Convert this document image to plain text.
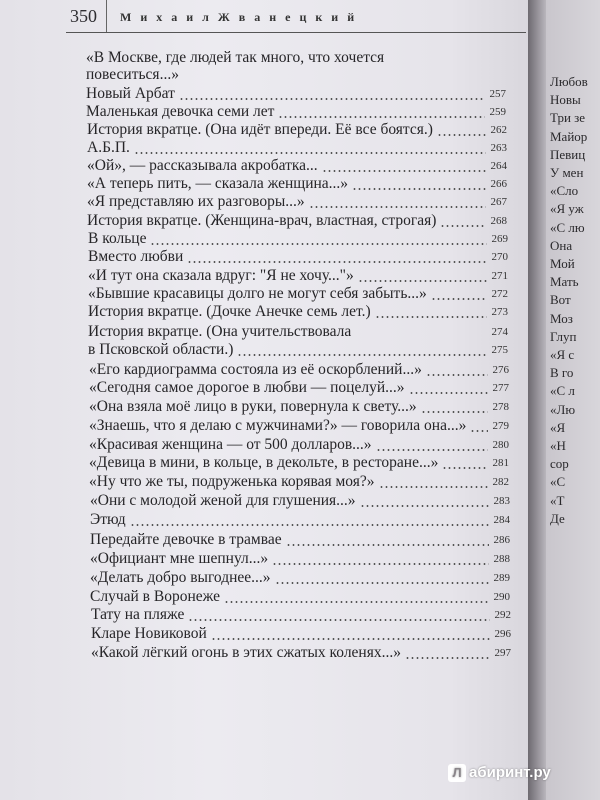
350 М и х а и л Ж в а н е ц к и й
«В Москве, где людей так много, что хочется
повеситься...»
Новый Арбат	257
Маленькая девочка семи лет	259
История вкратце. (Она идёт впереди. Её все боятся.)	262
А.Б.П.	263
«Ой», — рассказывала акробатка...	264
«А теперь пить, — сказала женщина...»	266
«Я представляю их разговоры...»	267
История вкратце. (Женщина-врач, властная, строгая)	268
В кольце	269
Вместо любви	270
«И тут она сказала вдруг: "Я не хочу..."»	271
«Бывшие красавицы долго не могут себя забыть...»	272
История вкратце. (Дочке Анечке семь лет.)	273
История вкратце. (Она учительствовала	274
в Псковской области.)	275
«Его кардиограмма состояла из её оскорблений...»	276
«Сегодня самое дорогое в любви — поцелуй...»	277
«Она взяла моё лицо в руки, повернула к свету...»	278
«Знаешь, что я делаю с мужчинами?» — говорила она...» 279
«Красивая женщина — от 500 долларов...»	280
«Девица в мини, в кольце, в декольте, в ресторане...»	281
«Ну что же ты, подруженька корявая моя?»	282
«Они с молодой женой для глушения...»	283
Этюд	284
Передайте девочке в трамвае	286
«Официант мне шепнул...»	288
«Делать добро выгоднее...»	289
Случай в Воронеже	290
Тату на пляже	292
Кларе Новиковой	296
«Какой лёгкий огонь в этих сжатых коленях...»	297
Любов
Новы
Три зе
Майор
Певиц
У мен
«Сло
«Я уж
«С лю
Она
Мой
Мать
Вот
Моз
Глуп
«Я с
В го
«С л
«Лю
«Я
«Н
сор
«С
«Т
Де
Л абиринт.ру
